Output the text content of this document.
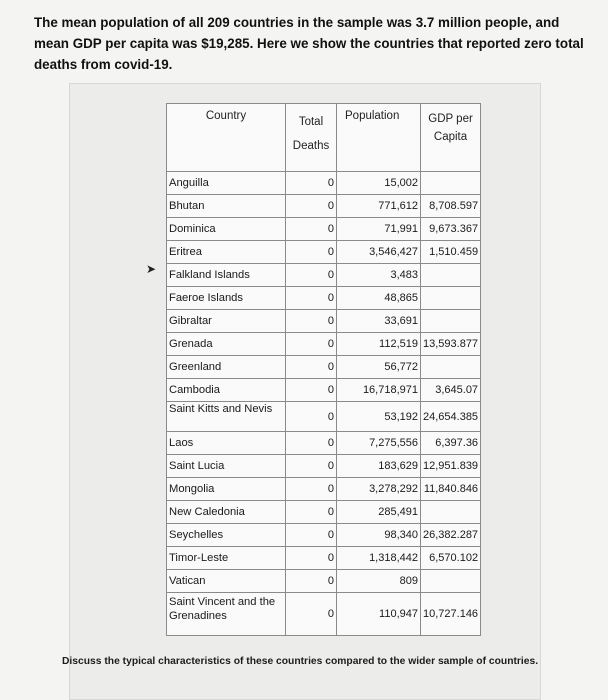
The mean population of all 209 countries in the sample was 3.7 million people, and mean GDP per capita was $19,285. Here we show the countries that reported zero total deaths from covid-19.
➤
Country	Total Deaths	Population	GDP per Capita
Anguilla	0	15,002	
Bhutan	0	771,612	8,708.597
Dominica	0	71,991	9,673.367
Eritrea	0	3,546,427	1,510.459
Falkland Islands	0	3,483	
Faeroe Islands	0	48,865	
Gibraltar	0	33,691	
Grenada	0	112,519	13,593.877
Greenland	0	56,772	
Cambodia	0	16,718,971	3,645.07
Saint Kitts and Nevis	0	53,192	24,654.385
Laos	0	7,275,556	6,397.36
Saint Lucia	0	183,629	12,951.839
Mongolia	0	3,278,292	11,840.846
New Caledonia	0	285,491	
Seychelles	0	98,340	26,382.287
Timor-Leste	0	1,318,442	6,570.102
Vatican	0	809	
Saint Vincent and the Grenadines	0	110,947	10,727.146
Discuss the typical characteristics of these countries compared to the wider sample of countries.
